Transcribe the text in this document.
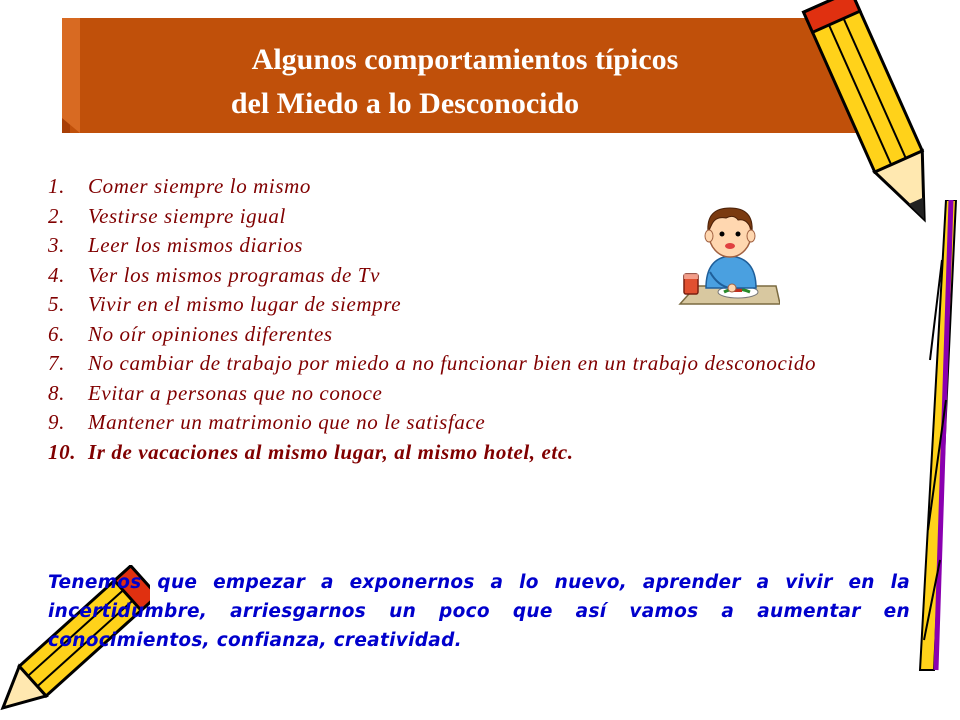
Algunos comportamientos típicos
del Miedo a lo Desconocido
1. Comer siempre lo mismo
2. Vestirse siempre igual
3. Leer los mismos diarios
4. Ver los mismos programas de Tv
5. Vivir en el mismo lugar de siempre
6. No oír opiniones diferentes
7. No cambiar de trabajo por miedo a no funcionar bien en un trabajo desconocido
8. Evitar a personas que no conoce
9. Mantener un matrimonio que no le satisface
10. Ir de vacaciones al mismo lugar, al mismo hotel, etc.

Tenemos que empezar a exponernos a lo nuevo, aprender a vivir en la incertidumbre, arriesgarnos un poco que así vamos a aumentar en conocimientos, confianza, creatividad.
